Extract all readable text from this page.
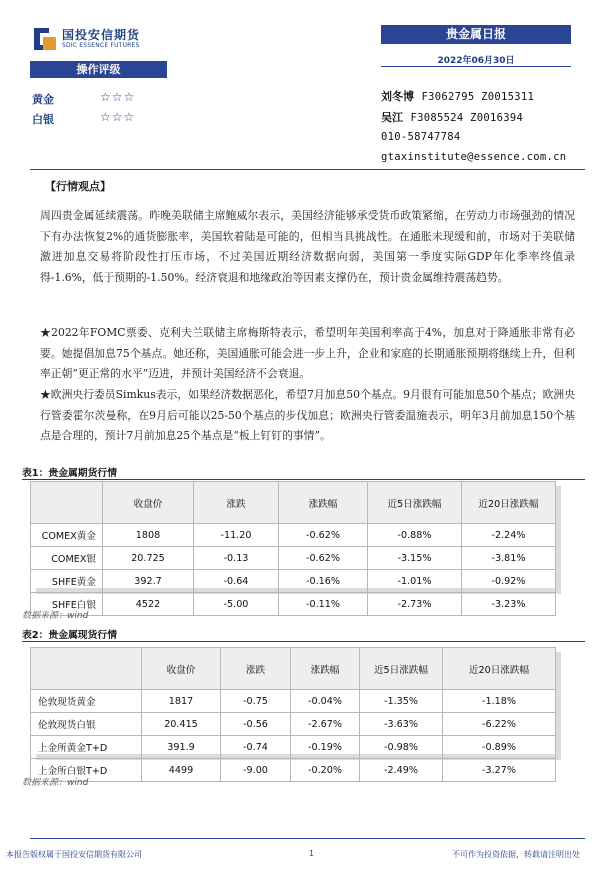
国投安信期货
SDIC ESSENCE FUTURES
贵金属日报
2022年06月30日
操作评级
黄金	☆☆☆
白银	☆☆☆
刘冬博 F3062795 Z0015311
吴江 F3085524 Z0016394
010-58747784
gtaxinstitute@essence.com.cn
【行情观点】

周四贵金属延续震荡。昨晚美联储主席鲍威尔表示，美国经济能够承受货币政策紧缩，在劳动力市场强劲的情况下有办法恢复2%的通货膨胀率，美国软着陆是可能的，但相当具挑战性。在通胀未现缓和前，市场对于美联储激进加息交易将阶段性打压市场，不过美国近期经济数据向弱，美国第一季度实际GDP年化季率终值录得-1.6%，低于预期的-1.50%。经济衰退和地缘政治等因素支撑仍在，预计贵金属维持震荡趋势。

★2022年FOMC票委、克利夫兰联储主席梅斯特表示，希望明年美国利率高于4%，加息对于降通胀非常有必要。她提倡加息75个基点。她还称，美国通胀可能会进一步上升，企业和家庭的长期通胀预期将继续上升，但利率正朝“更正常的水平”迈进，并预计美国经济不会衰退。

★欧洲央行委员Simkus表示，如果经济数据恶化，希望7月加息50个基点。9月很有可能加息50个基点；欧洲央行管委霍尔茨曼称，在9月后可能以25-50个基点的步伐加息；欧洲央行管委温施表示，明年3月前加息150个基点是合理的，预计7月前加息25个基点是“板上钉钉的事情”。

表1：贵金属期货行情
	收盘价	涨跌	涨跌幅	近5日涨跌幅	近20日涨跌幅
COMEX黄金	1808	-11.20	-0.62%	-0.88%	-2.24%
COMEX银	20.725	-0.13	-0.62%	-3.15%	-3.81%
SHFE黄金	392.7	-0.64	-0.16%	-1.01%	-0.92%
SHFE白银	4522	-5.00	-0.11%	-2.73%	-3.23%
数据来源：wind
表2：贵金属现货行情
	收盘价	涨跌	涨跌幅	近5日涨跌幅	近20日涨跌幅
伦敦现货黄金	1817	-0.75	-0.04%	-1.35%	-1.18%
伦敦现货白银	20.415	-0.56	-2.67%	-3.63%	-6.22%
上金所黄金T+D	391.9	-0.74	-0.19%	-0.98%	-0.89%
上金所白银T+D	4499	-9.00	-0.20%	-2.49%	-3.27%
数据来源：wind
本报告版权属于国投安信期货有限公司	1	不可作为投资依据，转载请注明出处
